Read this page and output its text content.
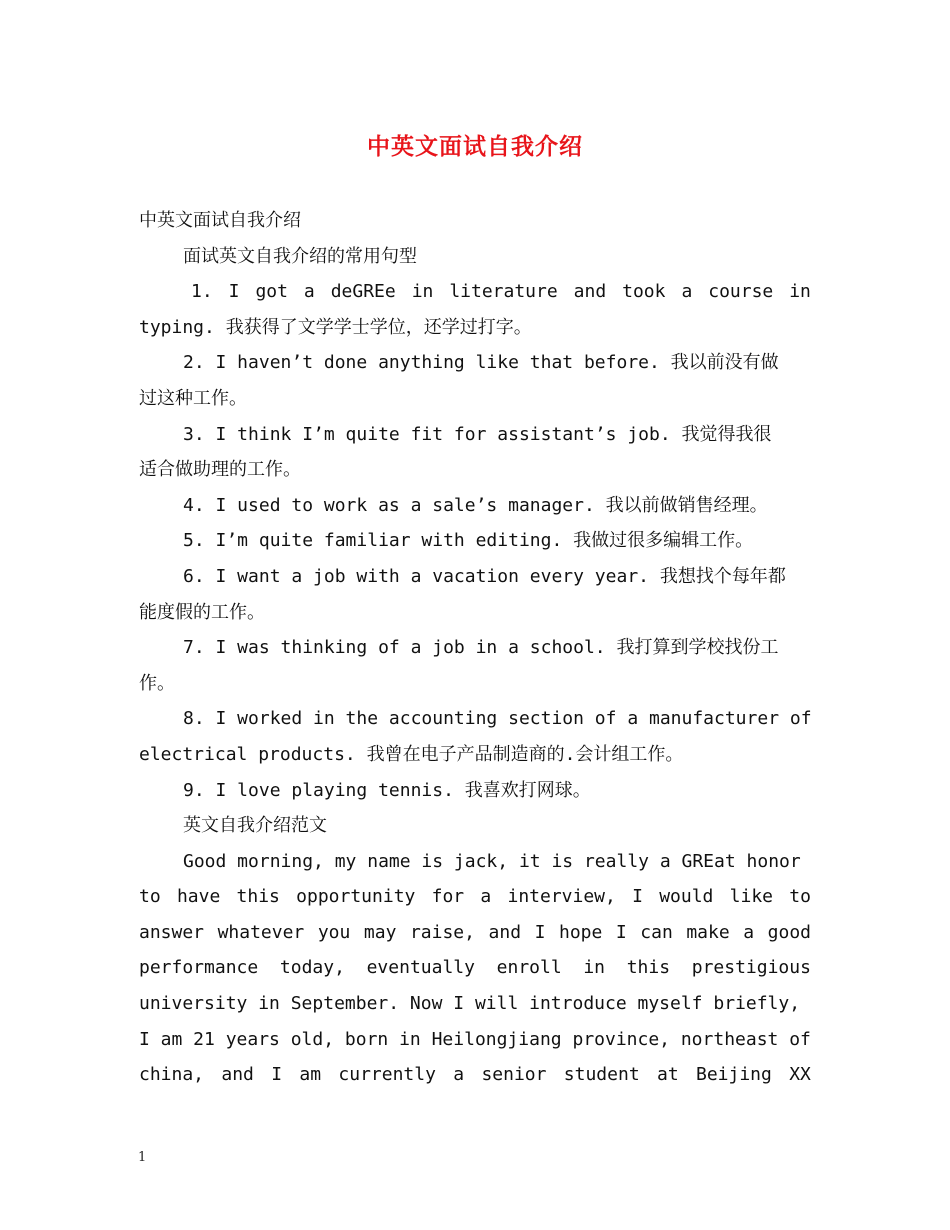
中英文面试自我介绍
中英文面试自我介绍
面试英文自我介绍的常用句型
1. I got a deGREe in literature and took a course in
typing. 我获得了文学学士学位，还学过打字。
2. I haven’t done anything like that before. 我以前没有做
过这种工作。
3. I think I’m quite fit for assistant’s job. 我觉得我很
适合做助理的工作。
4. I used to work as a sale’s manager. 我以前做销售经理。
5. I’m quite familiar with editing. 我做过很多编辑工作。
6. I want a job with a vacation every year. 我想找个每年都
能度假的工作。
7. I was thinking of a job in a school. 我打算到学校找份工
作。
8. I worked in the accounting section of a manufacturer of
electrical products. 我曾在电子产品制造商的.会计组工作。
9. I love playing tennis. 我喜欢打网球。
英文自我介绍范文
Good morning, my name is jack, it is really a GREat honor
to have this opportunity for a interview, I would like to
answer whatever you may raise, and I hope I can make a good
performance today, eventually enroll in this prestigious
university in September. Now I will introduce myself briefly,
I am 21 years old, born in Heilongjiang province, northeast of
china, and I am currently a senior student at Beijing XX
1
